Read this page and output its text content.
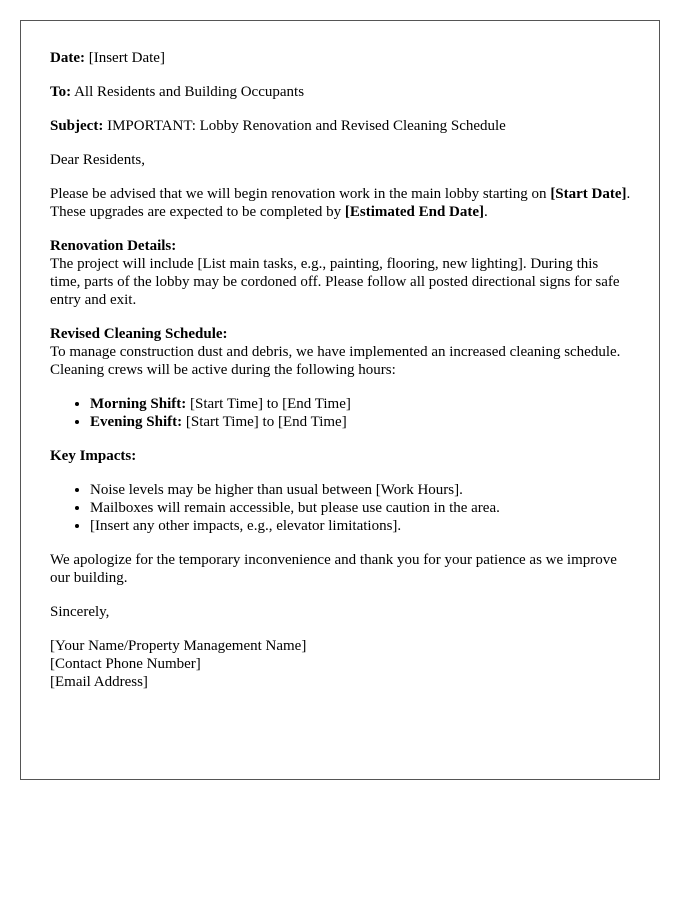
Date: [Insert Date]

To: All Residents and Building Occupants

Subject: IMPORTANT: Lobby Renovation and Revised Cleaning Schedule

Dear Residents,

Please be advised that we will begin renovation work in the main lobby starting on [Start Date]. These upgrades are expected to be completed by [Estimated End Date].

Renovation Details:
The project will include [List main tasks, e.g., painting, flooring, new lighting]. During this time, parts of the lobby may be cordoned off. Please follow all posted directional signs for safe entry and exit.

Revised Cleaning Schedule:
To manage construction dust and debris, we have implemented an increased cleaning schedule. Cleaning crews will be active during the following hours:

• Morning Shift: [Start Time] to [End Time]
• Evening Shift: [Start Time] to [End Time]

Key Impacts:

• Noise levels may be higher than usual between [Work Hours].
• Mailboxes will remain accessible, but please use caution in the area.
• [Insert any other impacts, e.g., elevator limitations].

We apologize for the temporary inconvenience and thank you for your patience as we improve our building.

Sincerely,

[Your Name/Property Management Name]
[Contact Phone Number]
[Email Address]
